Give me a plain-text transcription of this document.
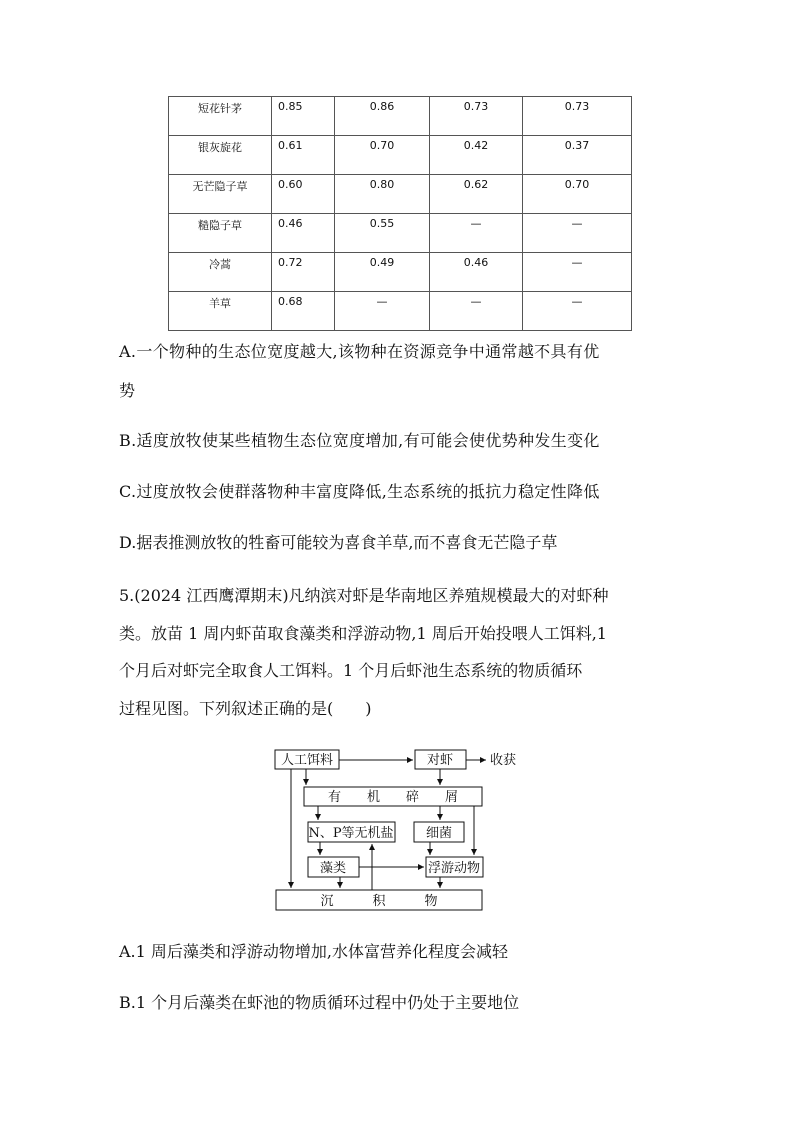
短花针茅	0.85	0.86	0.73	0.73

银灰旋花	0.61	0.70	0.42	0.37

无芒隐子草	0.60	0.80	0.62	0.70

糙隐子草	0.46	0.55	—	—

冷蒿	0.72	0.49	0.46	—

羊草	0.68	—	—	—
A.一个物种的生态位宽度越大,该物种在资源竞争中通常越不具有优
势
B.适度放牧使某些植物生态位宽度增加,有可能会使优势种发生变化
C.过度放牧会使群落物种丰富度降低,生态系统的抵抗力稳定性降低
D.据表推测放牧的牲畜可能较为喜食羊草,而不喜食无芒隐子草
5.(2024 江西鹰潭期末)凡纳滨对虾是华南地区养殖规模最大的对虾种
类。放苗 1 周内虾苗取食藻类和浮游动物,1 周后开始投喂人工饵料,1
个月后对虾完全取食人工饵料。1 个月后虾池生态系统的物质循环
过程见图。下列叙述正确的是(　　)
人工饵料	对虾	收获
有　　机　　碎　　屑
N、P等无机盐 细菌
藻类	浮游动物
沉　　　积　　　物
A.1 周后藻类和浮游动物增加,水体富营养化程度会减轻
B.1 个月后藻类在虾池的物质循环过程中仍处于主要地位
